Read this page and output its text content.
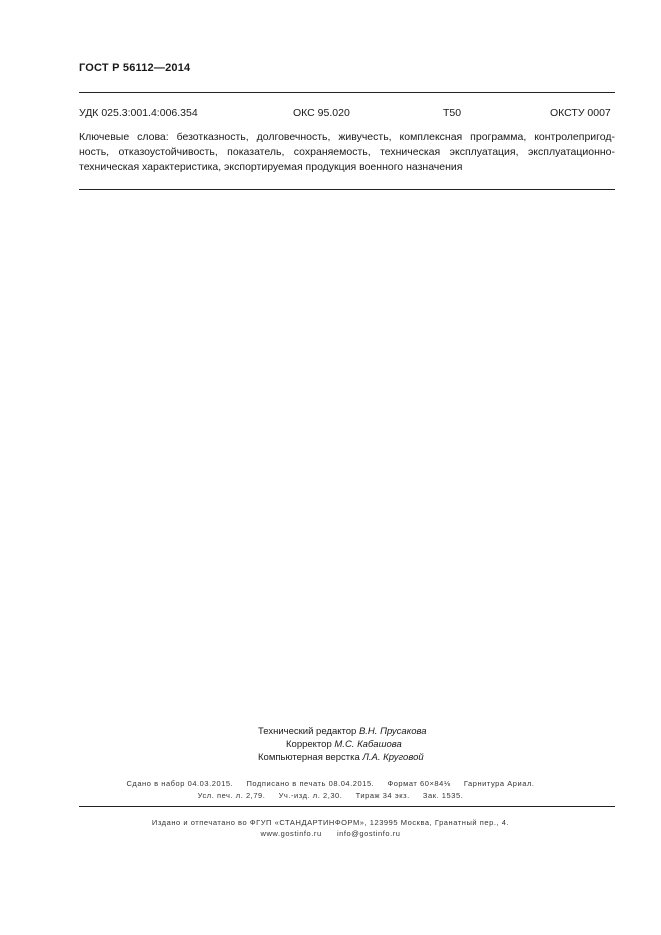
ГОСТ Р 56112—2014
УДК 025.3:001.4:006.354	ОКС 95.020	Т50	ОКСТУ 0007
Ключевые слова: безотказность, долговечность, живучесть, комплексная программа, контролепригод-
ность, отказоустойчивость, показатель, сохраняемость, техническая эксплуатация, эксплуатационно-
техническая характеристика, экспортируемая продукция военного назначения
Технический редактор В.Н. Прусакова
Корректор М.С. Кабашова
Компьютерная верстка Л.А. Круговой
Сдано в набор 04.03.2015.     Подписано в печать 08.04.2015.     Формат 60×84⅛     Гарнитура Ариал.
Усл. печ. л. 2,79.     Уч.-изд. л. 2,30.     Тираж 34 экз.     Зак. 1535.
Издано и отпечатано во ФГУП «СТАНДАРТИНФОРМ», 123995 Москва, Гранатный пер., 4.
www.gostinfo.ru info@gostinfo.ru
